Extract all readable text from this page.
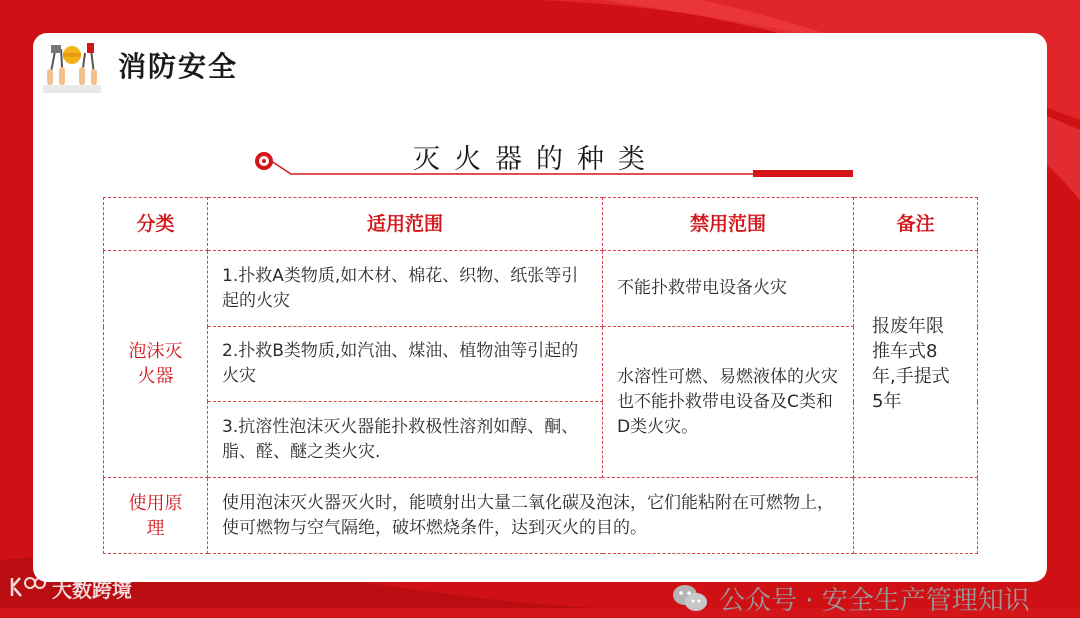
消防安全
灭火器的种类
分类	适用范围	禁用范围	备注
泡沫灭火器	1.扑救A类物质,如木材、棉花、织物、纸张等引起的火灾	不能扑救带电设备火灾	报废年限推车式8年,手提式5年
	2.扑救B类物质,如汽油、煤油、植物油等引起的火灾	水溶性可燃、易燃液体的火灾也不能扑救带电设备及C类和D类火灾。	
	3.抗溶性泡沫灭火器能扑救极性溶剂如醇、酮、脂、醛、醚之类火灾.		
使用原理	使用泡沫灭火器灭火时，能喷射出大量二氧化碳及泡沫，它们能粘附在可燃物上，使可燃物与空气隔绝，破坏燃烧条件，达到灭火的目的。		
公众号 · 安全生产管理知识
大数跨境
